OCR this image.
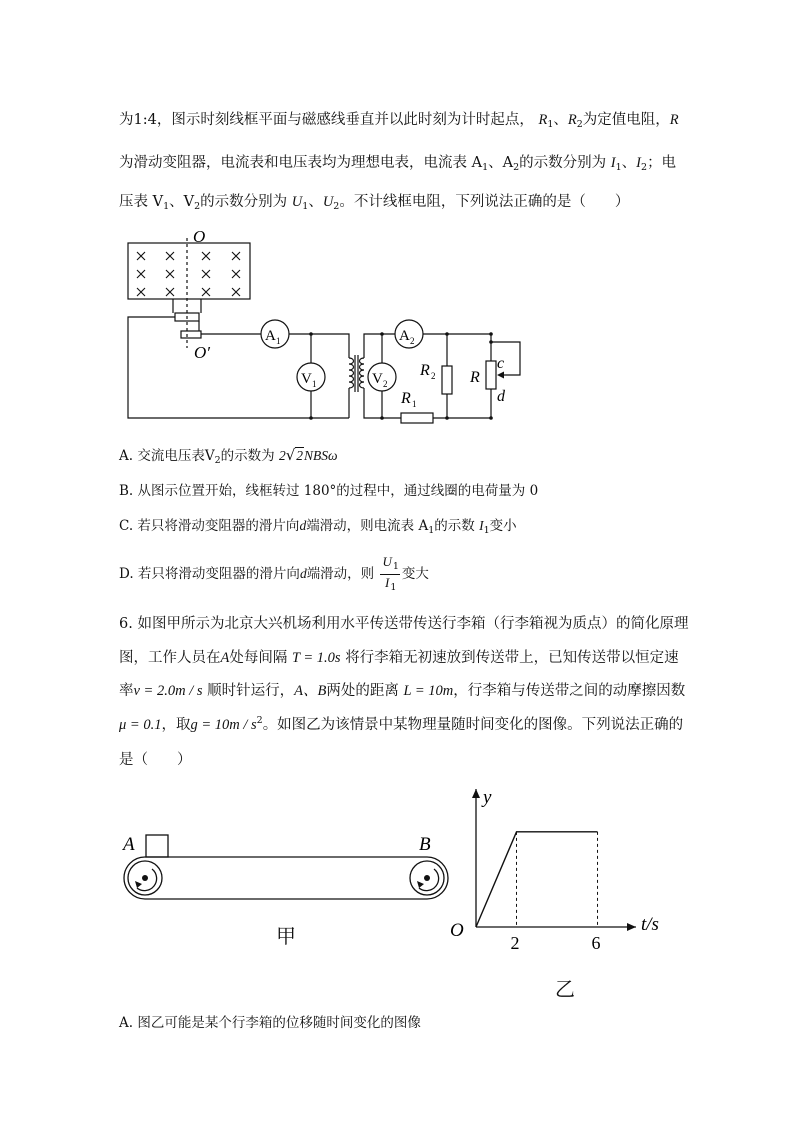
为1:4，图示时刻线框平面与磁感线垂直并以此时刻为计时起点， $R_1$、$R_2$为定值电阻，R
为滑动变阻器，电流表和电压表均为理想电表，电流表 $A_1$、$A_2$的示数分别为 $I_1$、$I_2$；电
压表 $V_1$、$V_2$的示数分别为 $U_1$、$U_2$。不计线框电阻，下列说法正确的是（　　）
O
O′
A 1
V 1	V 2
A 2
R 2
R 1
R
c
d
A. 交流电压表$V_2$的示数为 2√2NBSω
B. 从图示位置开始，线框转过 180°的过程中，通过线圈的电荷量为 0
C. 若只将滑动变阻器的滑片向d端滑动，则电流表 $A_1$的示数 $I_1$变小
D. 若只将滑动变阻器的滑片向d端滑动，则 $\frac{U_1}{I_1}$ 变大
6. 如图甲所示为北京大兴机场利用水平传送带传送行李箱（行李箱视为质点）的简化原理
图，工作人员在A处每间隔 T = 1.0s 将行李箱无初速放到传送带上，已知传送带以恒定速
率v = 2.0m / s 顺时针运行，A、B两处的距离 L = 10m，行李箱与传送带之间的动摩擦因数
μ = 0.1，取$g = 10m / s^2$。如图乙为该情景中某物理量随时间变化的图像。下列说法正确的
是（　　）
A	B
甲	2	6
O	t/s
y
乙
A. 图乙可能是某个行李箱的位移随时间变化的图像
